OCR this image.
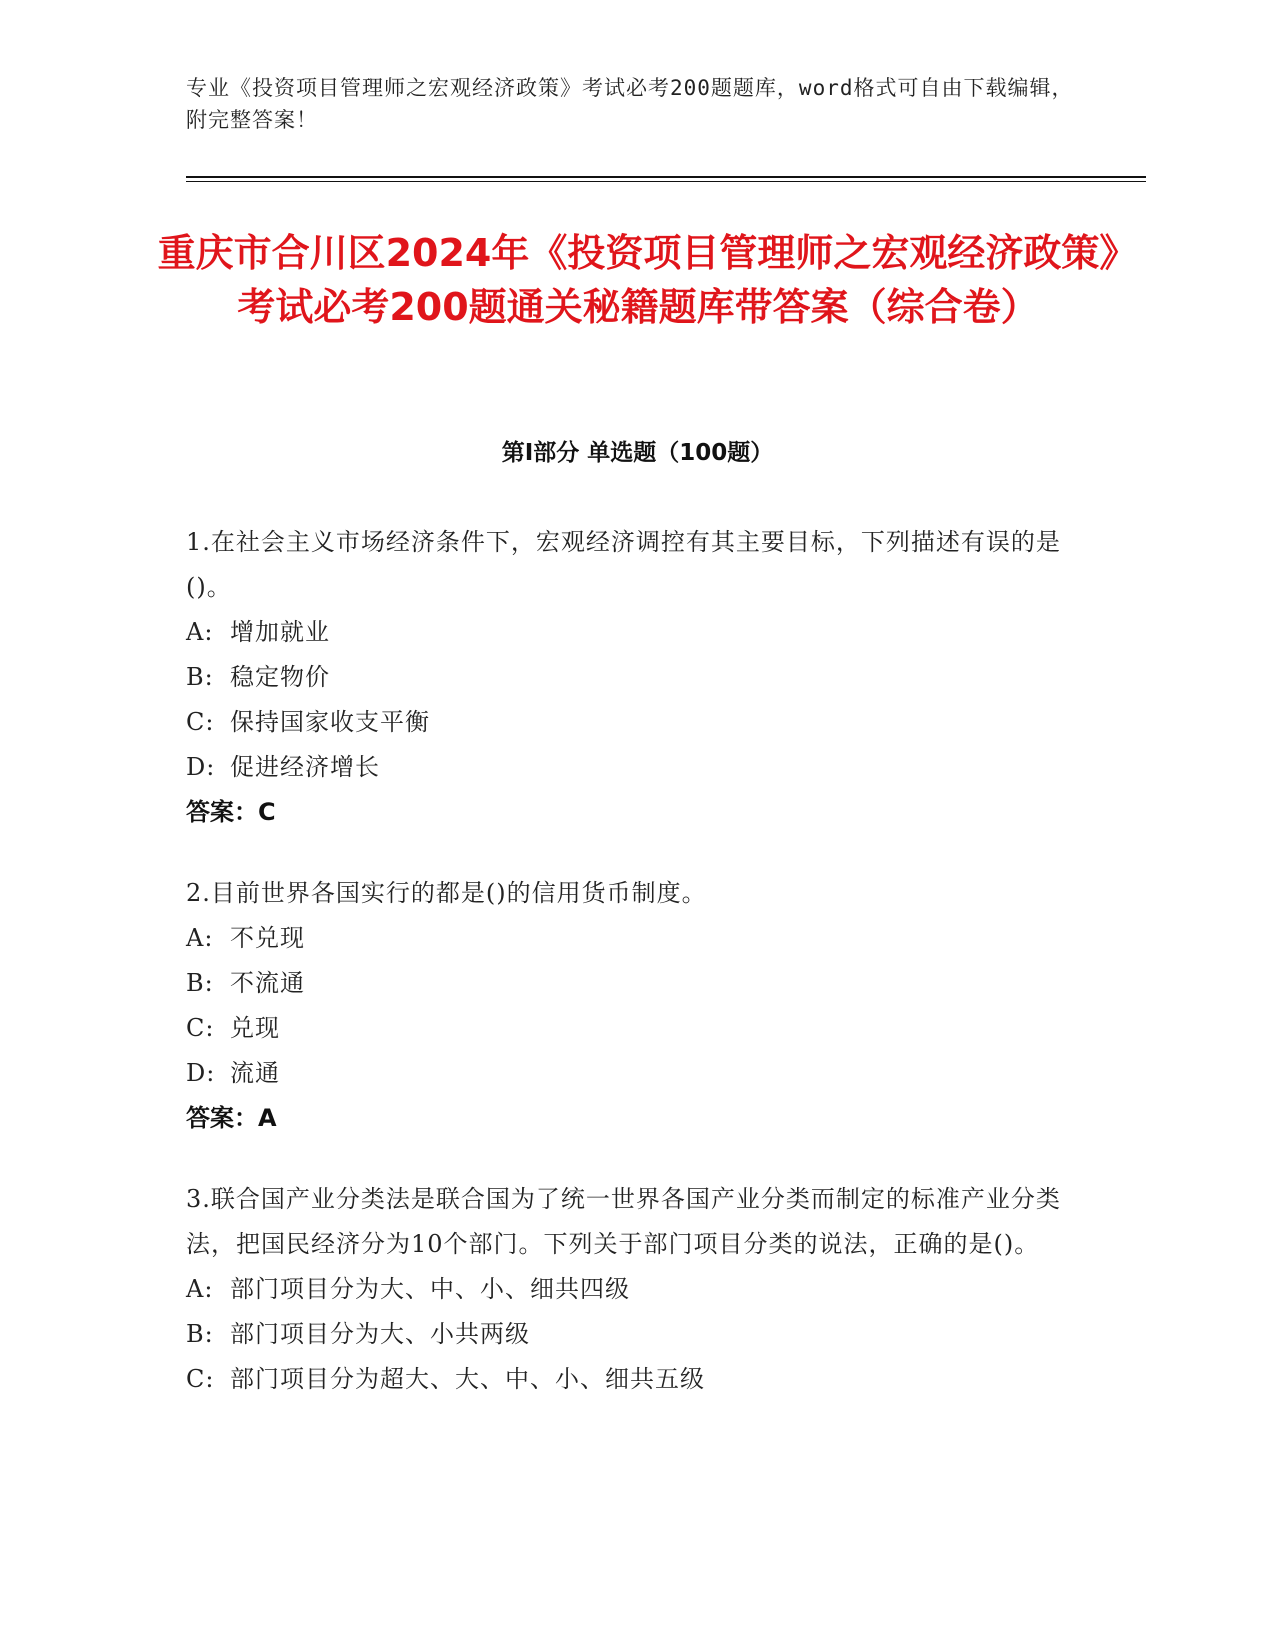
专业《投资项目管理师之宏观经济政策》考试必考200题题库，word格式可自由下载编辑，附完整答案！
重庆市合川区2024年《投资项目管理师之宏观经济政策》考试必考200题通关秘籍题库带答案（综合卷）
第I部分 单选题（100题）
1.在社会主义市场经济条件下，宏观经济调控有其主要目标，下列描述有误的是()。
A: 增加就业
B: 稳定物价
C: 保持国家收支平衡
D: 促进经济增长
答案：C
2.目前世界各国实行的都是()的信用货币制度。
A: 不兑现
B: 不流通
C: 兑现
D: 流通
答案：A
3.联合国产业分类法是联合国为了统一世界各国产业分类而制定的标准产业分类法，把国民经济分为10个部门。下列关于部门项目分类的说法，正确的是()。
A: 部门项目分为大、中、小、细共四级
B: 部门项目分为大、小共两级
C: 部门项目分为超大、大、中、小、细共五级
